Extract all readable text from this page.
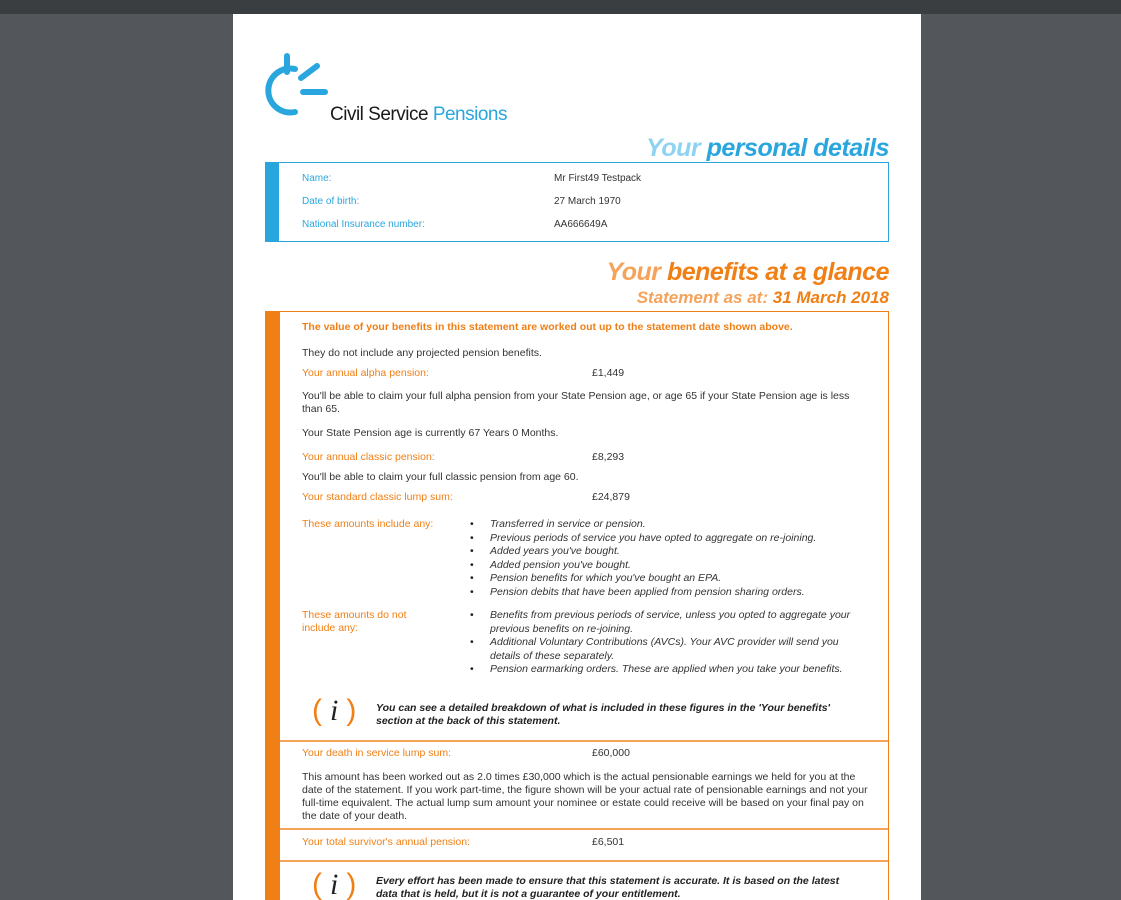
Civil Service Pensions
Your personal details
Name:	Mr First49 Testpack
Date of birth:	27 March 1970
National Insurance number:	AA666649A
Your benefits at a glance
Statement as at: 31 March 2018
The value of your benefits in this statement are worked out up to the statement date shown above.
They do not include any projected pension benefits.
Your annual alpha pension:	£1,449
You'll be able to claim your full alpha pension from your State Pension age, or age 65 if your State Pension age is less than 65.
Your State Pension age is currently 67 Years 0 Months.
Your annual classic pension:	£8,293
You'll be able to claim your full classic pension from age 60.
Your standard classic lump sum:	£24,879
These amounts include any:
•	Transferred in service or pension.
• Previous periods of service you have opted to aggregate on re-joining.
• Added years you've bought.
• Added pension you've bought.
• Pension benefits for which you've bought an EPA.
• Pension debits that have been applied from pension sharing orders.
These amounts do not include any:
• Benefits from previous periods of service, unless you opted to aggregate your previous benefits on re-joining.
• Additional Voluntary Contributions (AVCs). Your AVC provider will send you details of these separately.
• Pension earmarking orders. These are applied when you take your benefits.
( i ) You can see a detailed breakdown of what is included in these figures in the 'Your benefits' section at the back of this statement.
Your death in service lump sum:	£60,000
This amount has been worked out as 2.0 times £30,000 which is the actual pensionable earnings we held for you at the date of the statement. If you work part-time, the figure shown will be your actual rate of pensionable earnings and not your full-time equivalent. The actual lump sum amount your nominee or estate could receive will be based on your final pay on the date of your death.
Your total survivor's annual pension:	£6,501
( i ) Every effort has been made to ensure that this statement is accurate. It is based on the latest data that is held, but it is not a guarantee of your entitlement.
